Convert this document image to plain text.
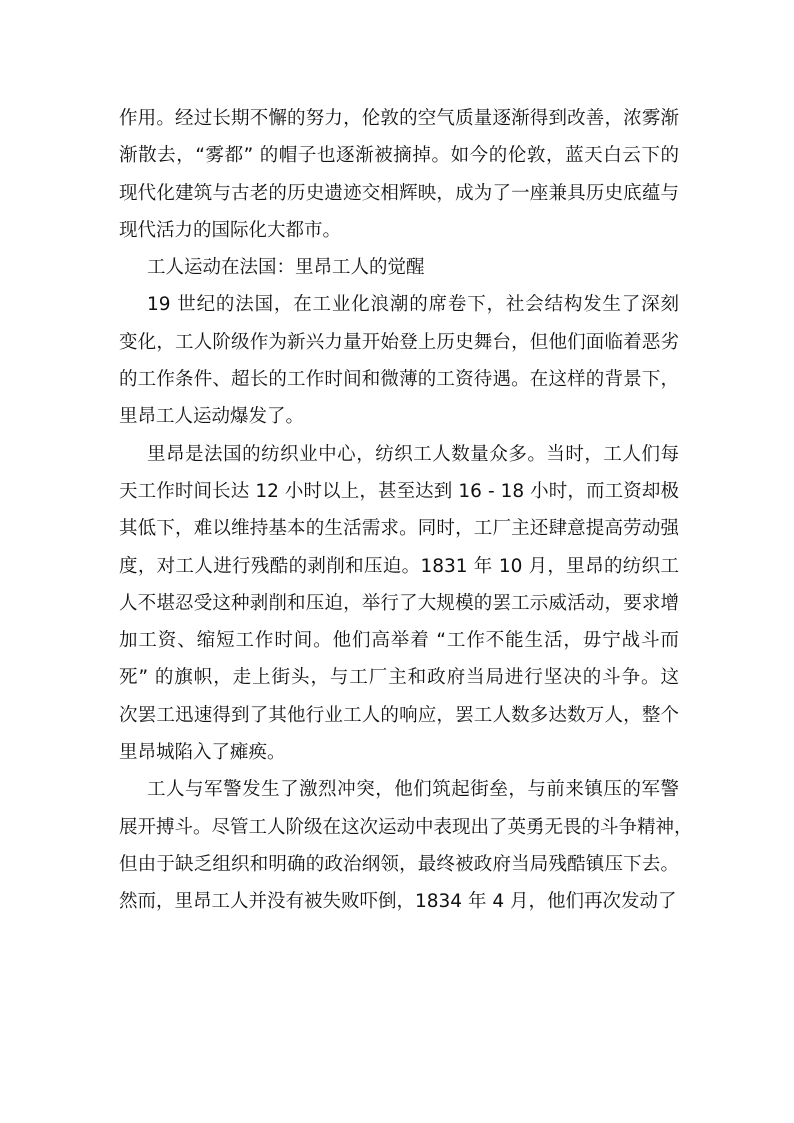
作用。经过长期不懈的努力，伦敦的空气质量逐渐得到改善，浓雾渐
渐散去，“雾都” 的帽子也逐渐被摘掉。如今的伦敦，蓝天白云下的
现代化建筑与古老的历史遗迹交相辉映，成为了一座兼具历史底蕴与
现代活力的国际化大都市。
工人运动在法国：里昂工人的觉醒
19 世纪的法国，在工业化浪潮的席卷下，社会结构发生了深刻
变化，工人阶级作为新兴力量开始登上历史舞台，但他们面临着恶劣
的工作条件、超长的工作时间和微薄的工资待遇。在这样的背景下，
里昂工人运动爆发了。
里昂是法国的纺织业中心，纺织工人数量众多。当时，工人们每
天工作时间长达 12 小时以上，甚至达到 16 - 18 小时，而工资却极
其低下，难以维持基本的生活需求。同时，工厂主还肆意提高劳动强
度，对工人进行残酷的剥削和压迫。1831 年 10 月，里昂的纺织工
人不堪忍受这种剥削和压迫，举行了大规模的罢工示威活动，要求增
加工资、缩短工作时间。他们高举着 “工作不能生活，毋宁战斗而
死” 的旗帜，走上街头，与工厂主和政府当局进行坚决的斗争。这
次罢工迅速得到了其他行业工人的响应，罢工人数多达数万人，整个
里昂城陷入了瘫痪。
工人与军警发生了激烈冲突，他们筑起街垒，与前来镇压的军警
展开搏斗。尽管工人阶级在这次运动中表现出了英勇无畏的斗争精神，
但由于缺乏组织和明确的政治纲领，最终被政府当局残酷镇压下去。
然而，里昂工人并没有被失败吓倒，1834 年 4 月，他们再次发动了
